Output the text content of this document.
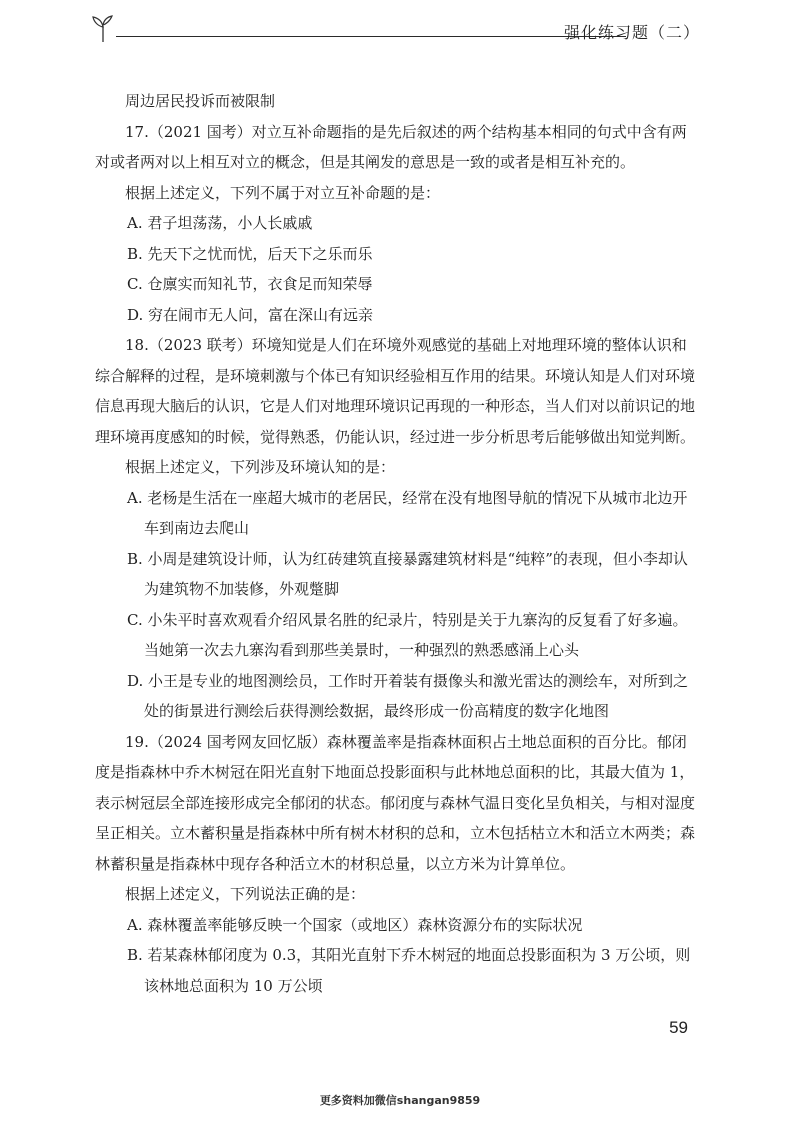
强化练习题（二）

周边居民投诉而被限制

17.（2021 国考）对立互补命题指的是先后叙述的两个结构基本相同的句式中含有两对或者两对以上相互对立的概念，但是其阐发的意思是一致的或者是相互补充的。

根据上述定义，下列不属于对立互补命题的是：

A. 君子坦荡荡，小人长戚戚

B. 先天下之忧而忧，后天下之乐而乐

C. 仓廪实而知礼节，衣食足而知荣辱

D. 穷在闹市无人问，富在深山有远亲

18.（2023 联考）环境知觉是人们在环境外观感觉的基础上对地理环境的整体认识和综合解释的过程，是环境刺激与个体已有知识经验相互作用的结果。环境认知是人们对环境信息再现大脑后的认识，它是人们对地理环境识记再现的一种形态，当人们对以前识记的地理环境再度感知的时候，觉得熟悉，仍能认识，经过进一步分析思考后能够做出知觉判断。

根据上述定义，下列涉及环境认知的是：

A. 老杨是生活在一座超大城市的老居民，经常在没有地图导航的情况下从城市北边开车到南边去爬山

B. 小周是建筑设计师，认为红砖建筑直接暴露建筑材料是“纯粹”的表现，但小李却认为建筑物不加装修，外观蹩脚

C. 小朱平时喜欢观看介绍风景名胜的纪录片，特别是关于九寨沟的反复看了好多遍。当她第一次去九寨沟看到那些美景时，一种强烈的熟悉感涌上心头

D. 小王是专业的地图测绘员，工作时开着装有摄像头和激光雷达的测绘车，对所到之处的街景进行测绘后获得测绘数据，最终形成一份高精度的数字化地图

19.（2024 国考网友回忆版）森林覆盖率是指森林面积占土地总面积的百分比。郁闭度是指森林中乔木树冠在阳光直射下地面总投影面积与此林地总面积的比，其最大值为 1，表示树冠层全部连接形成完全郁闭的状态。郁闭度与森林气温日变化呈负相关，与相对湿度呈正相关。立木蓄积量是指森林中所有树木材积的总和，立木包括枯立木和活立木两类；森林蓄积量是指森林中现存各种活立木的材积总量，以立方米为计算单位。

根据上述定义，下列说法正确的是：

A. 森林覆盖率能够反映一个国家（或地区）森林资源分布的实际状况

B. 若某森林郁闭度为 0.3，其阳光直射下乔木树冠的地面总投影面积为 3 万公顷，则该林地总面积为 10 万公顷

59
更多资料加微信shangan9859
